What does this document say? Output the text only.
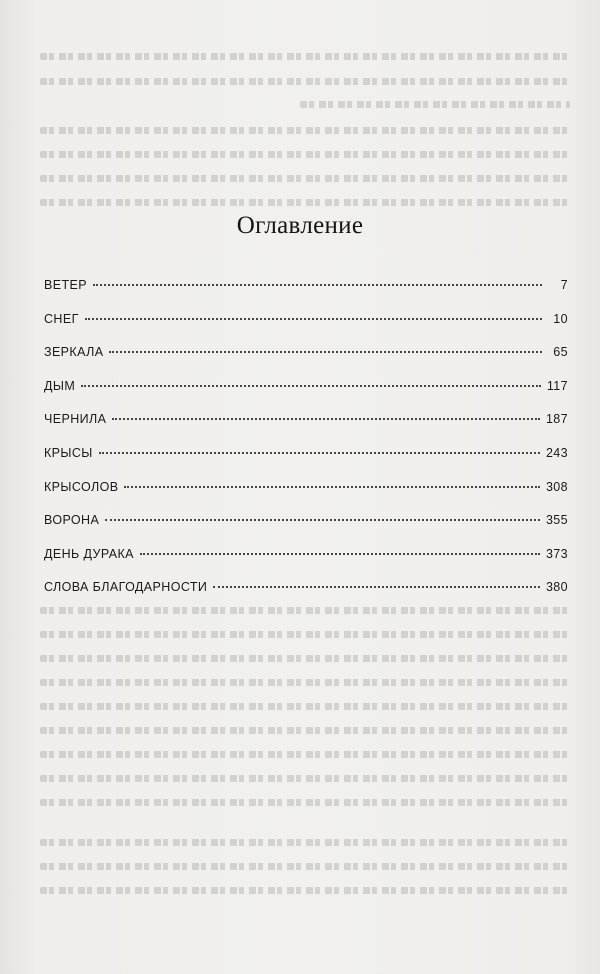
Оглавление
ВЕТЕР	7
СНЕГ	10
ЗЕРКАЛА	65
ДЫМ	117
ЧЕРНИЛА	187
КРЫСЫ	243
КРЫСОЛОВ	308
ВОРОНА	355
ДЕНЬ ДУРАКА	373
СЛОВА БЛАГОДАРНОСТИ	380
